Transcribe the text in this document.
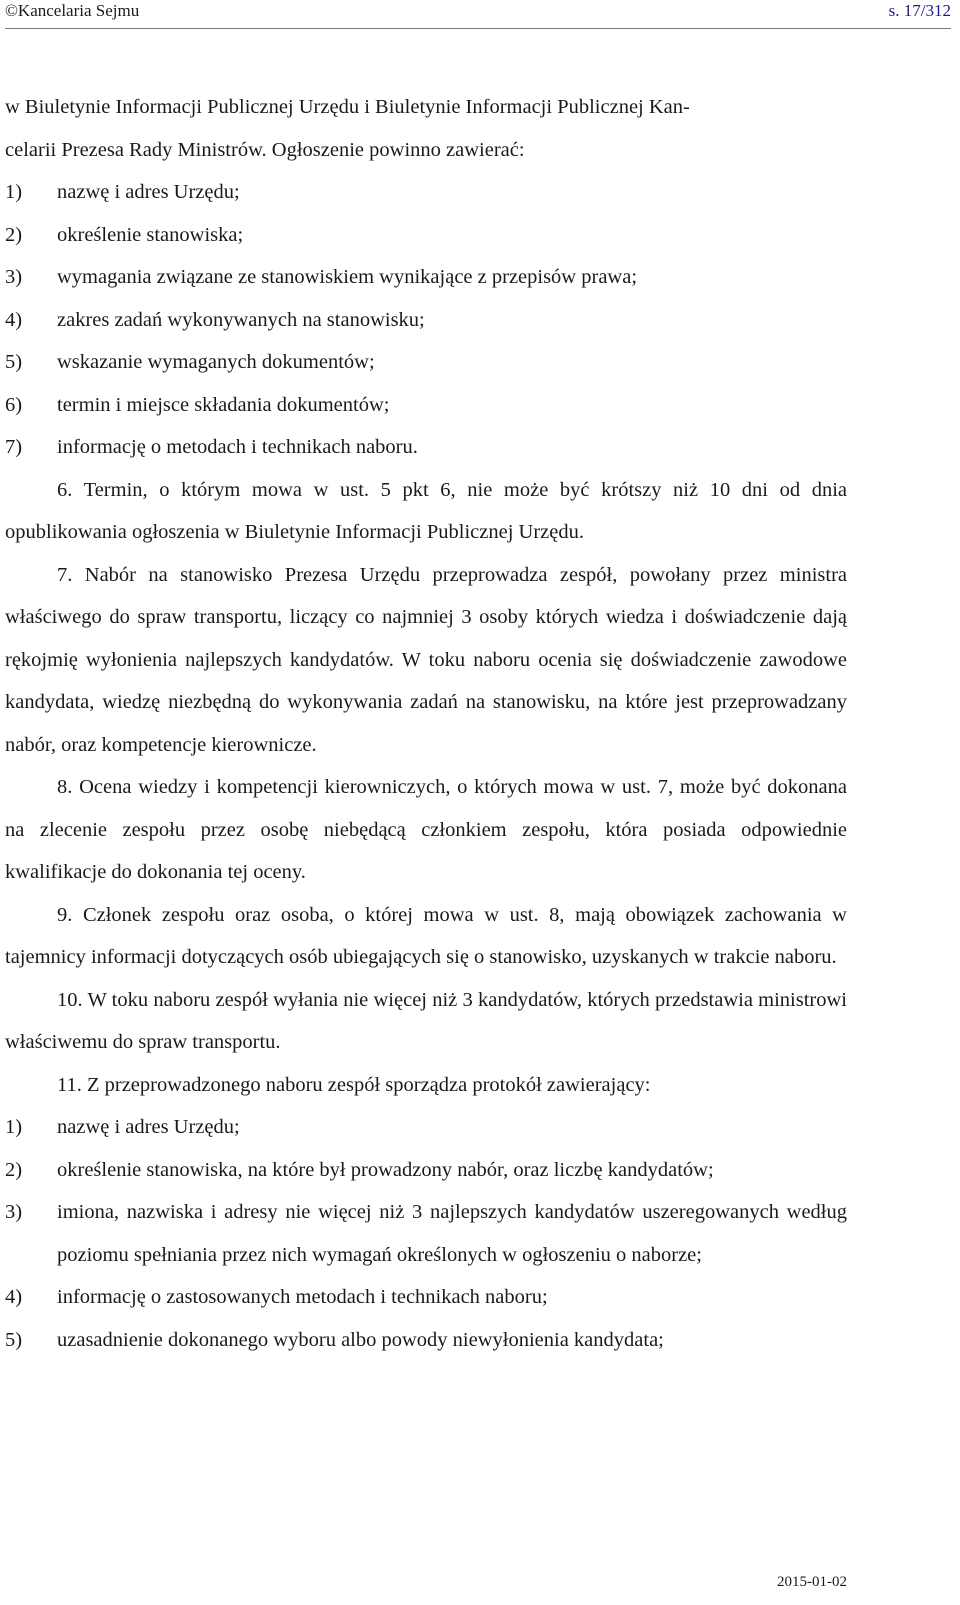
©Kancelaria Sejmu	s. 17/312
w Biuletynie Informacji Publicznej Urzędu i Biuletynie Informacji Publicznej Kan-
celarii Prezesa Rady Ministrów. Ogłoszenie powinno zawierać:
1) nazwę i adres Urzędu;
2) określenie stanowiska;
3) wymagania związane ze stanowiskiem wynikające z przepisów prawa;
4) zakres zadań wykonywanych na stanowisku;
5) wskazanie wymaganych dokumentów;
6) termin i miejsce składania dokumentów;
7) informację o metodach i technikach naboru.
6. Termin, o którym mowa w ust. 5 pkt 6, nie może być krótszy niż 10 dni od dnia opublikowania ogłoszenia w Biuletynie Informacji Publicznej Urzędu.
7. Nabór na stanowisko Prezesa Urzędu przeprowadza zespół, powołany przez ministra właściwego do spraw transportu, liczący co najmniej 3 osoby których wiedza i doświadczenie dają rękojmię wyłonienia najlepszych kandydatów. W toku naboru ocenia się doświadczenie zawodowe kandydata, wiedzę niezbędną do wykonywania zadań na stanowisku, na które jest przeprowadzany nabór, oraz kompetencje kierownicze.
8. Ocena wiedzy i kompetencji kierowniczych, o których mowa w ust. 7, może być dokonana na zlecenie zespołu przez osobę niebędącą członkiem zespołu, która posiada odpowiednie kwalifikacje do dokonania tej oceny.
9. Członek zespołu oraz osoba, o której mowa w ust. 8, mają obowiązek zachowania w tajemnicy informacji dotyczących osób ubiegających się o stanowisko, uzyskanych w trakcie naboru.
10. W toku naboru zespół wyłania nie więcej niż 3 kandydatów, których przedstawia ministrowi właściwemu do spraw transportu.
11. Z przeprowadzonego naboru zespół sporządza protokół zawierający:
1) nazwę i adres Urzędu;
2) określenie stanowiska, na które był prowadzony nabór, oraz liczbę kandydatów;
3) imiona, nazwiska i adresy nie więcej niż 3 najlepszych kandydatów uszeregowanych według poziomu spełniania przez nich wymagań określonych w ogłoszeniu o naborze;
4) informację o zastosowanych metodach i technikach naboru;
5) uzasadnienie dokonanego wyboru albo powody niewyłonienia kandydata;
2015-01-02
